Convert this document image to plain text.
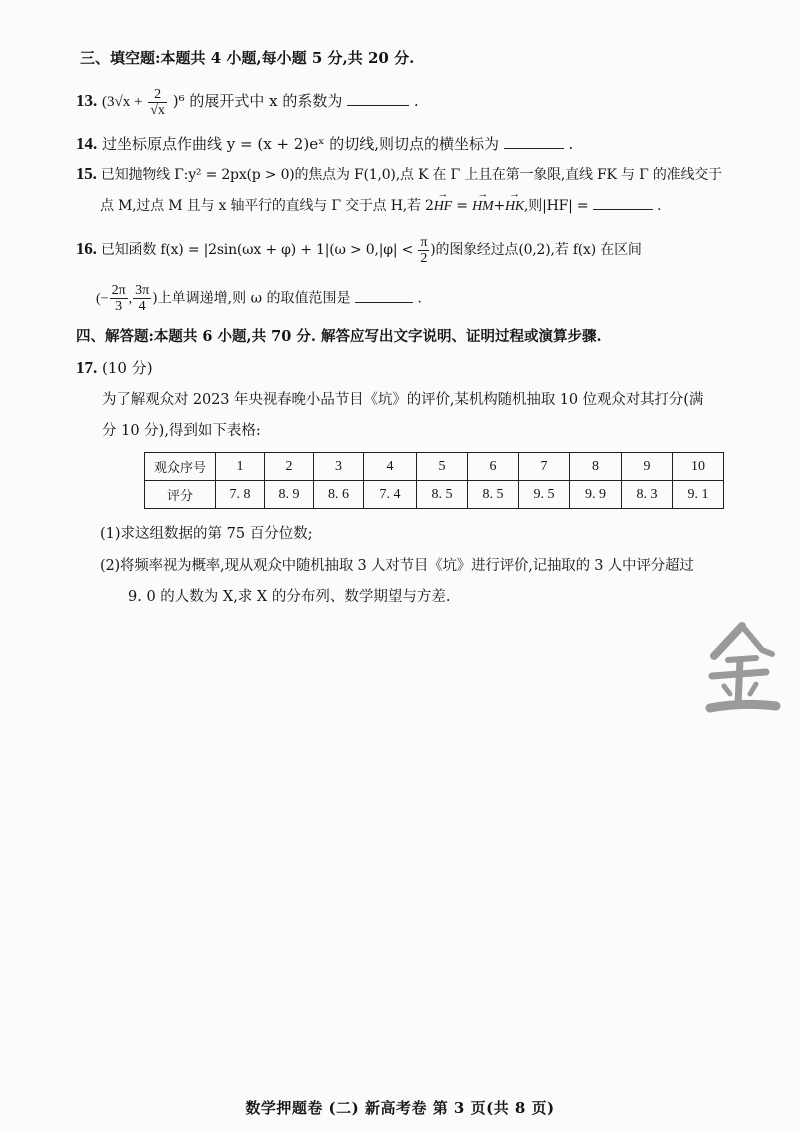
三、填空题:本题共 4 小题,每小题 5 分,共 20 分.
13. $(3√x + \frac{2}{√x} )^6$ 的展开式中 x 的系数为	.
14. 过坐标原点作曲线 y = (x + 2)eˣ 的切线,则切点的横坐标为	.
15. 已知抛物线 Γ:y² = 2px(p > 0)的焦点为 F(1,0),点 K 在 Γ 上且在第一象限,直线 FK 与 Γ 的准线交于
点 M,过点 M 且与 x 轴平行的直线与 Γ 交于点 H,若 2→ HF = → HM+→ HK,则|HF| =	.
16. 已知函数 $f(x) = |2\sin(\omega x + \varphi) + 1|(\omega > 0,|\varphi| < \frac{\pi}{2}$ )的图象经过点(0,2),若 f(x) 在区间
(− $\frac{2\pi}{3}$ , $\frac{3\pi}{4}$ )上单调递增,则 ω 的取值范围是	.
四、解答题:本题共 6 小题,共 70 分. 解答应写出文字说明、证明过程或演算步骤.
17. (10 分)
为了解观众对 2023 年央视春晚小品节目《坑》的评价,某机构随机抽取 10 位观众对其打分(满
分 10 分),得到如下表格:
观众序号	1	2	3	4	5	6	7	8	9	10
评分	7. 8	8. 9	8. 6	7. 4	8. 5	8. 5	9. 5	9. 9	8. 3	9. 1
(1)求这组数据的第 75 百分位数;
(2)将频率视为概率,现从观众中随机抽取 3 人对节目《坑》进行评价,记抽取的 3 人中评分超过
9. 0 的人数为 X,求 X 的分布列、数学期望与方差.
数学押题卷 (二) 新高考卷 第 3 页(共 8 页)
